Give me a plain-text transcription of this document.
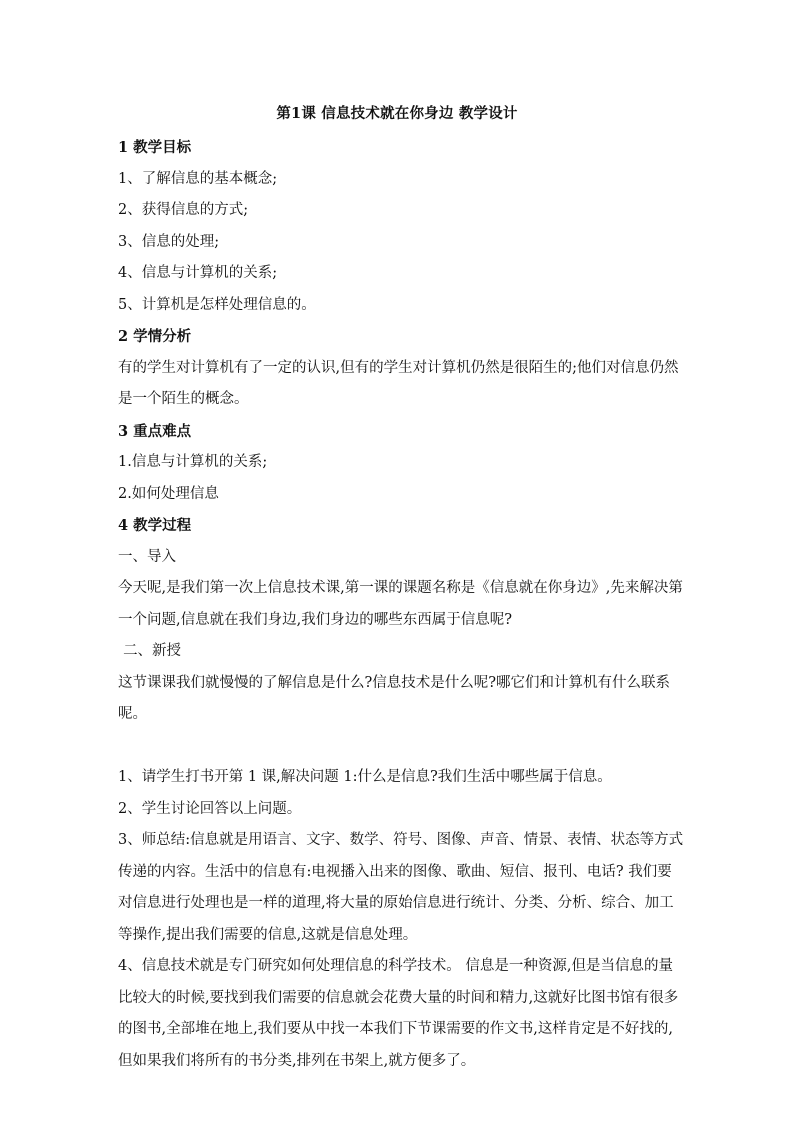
第1课 信息技术就在你身边 教学设计

1 教学目标

1、了解信息的基本概念;

2、获得信息的方式;

3、信息的处理;

4、信息与计算机的关系;

5、计算机是怎样处理信息的。

2 学情分析

有的学生对计算机有了一定的认识,但有的学生对计算机仍然是很陌生的;他们对信息仍然是一个陌生的概念。

3 重点难点

1.信息与计算机的关系;

2.如何处理信息

4 教学过程

一、导入

今天呢,是我们第一次上信息技术课,第一课的课题名称是《信息就在你身边》,先来解决第一个问题,信息就在我们身边,我们身边的哪些东西属于信息呢?

二、新授

这节课课我们就慢慢的了解信息是什么?信息技术是什么呢?哪它们和计算机有什么联系呢。

1、请学生打书开第 1 课,解决问题 1:什么是信息?我们生活中哪些属于信息。

2、学生讨论回答以上问题。

3、师总结:信息就是用语言、文字、数学、符号、图像、声音、情景、表情、状态等方式传递的内容。生活中的信息有:电视播入出来的图像、歌曲、短信、报刊、电话? 我们要对信息进行处理也是一样的道理,将大量的原始信息进行统计、分类、分析、综合、加工等操作,提出我们需要的信息,这就是信息处理。

4、信息技术就是专门研究如何处理信息的科学技术。 信息是一种资源,但是当信息的量比较大的时候,要找到我们需要的信息就会花费大量的时间和精力,这就好比图书馆有很多的图书,全部堆在地上,我们要从中找一本我们下节课需要的作文书,这样肯定是不好找的,但如果我们将所有的书分类,排列在书架上,就方便多了。
